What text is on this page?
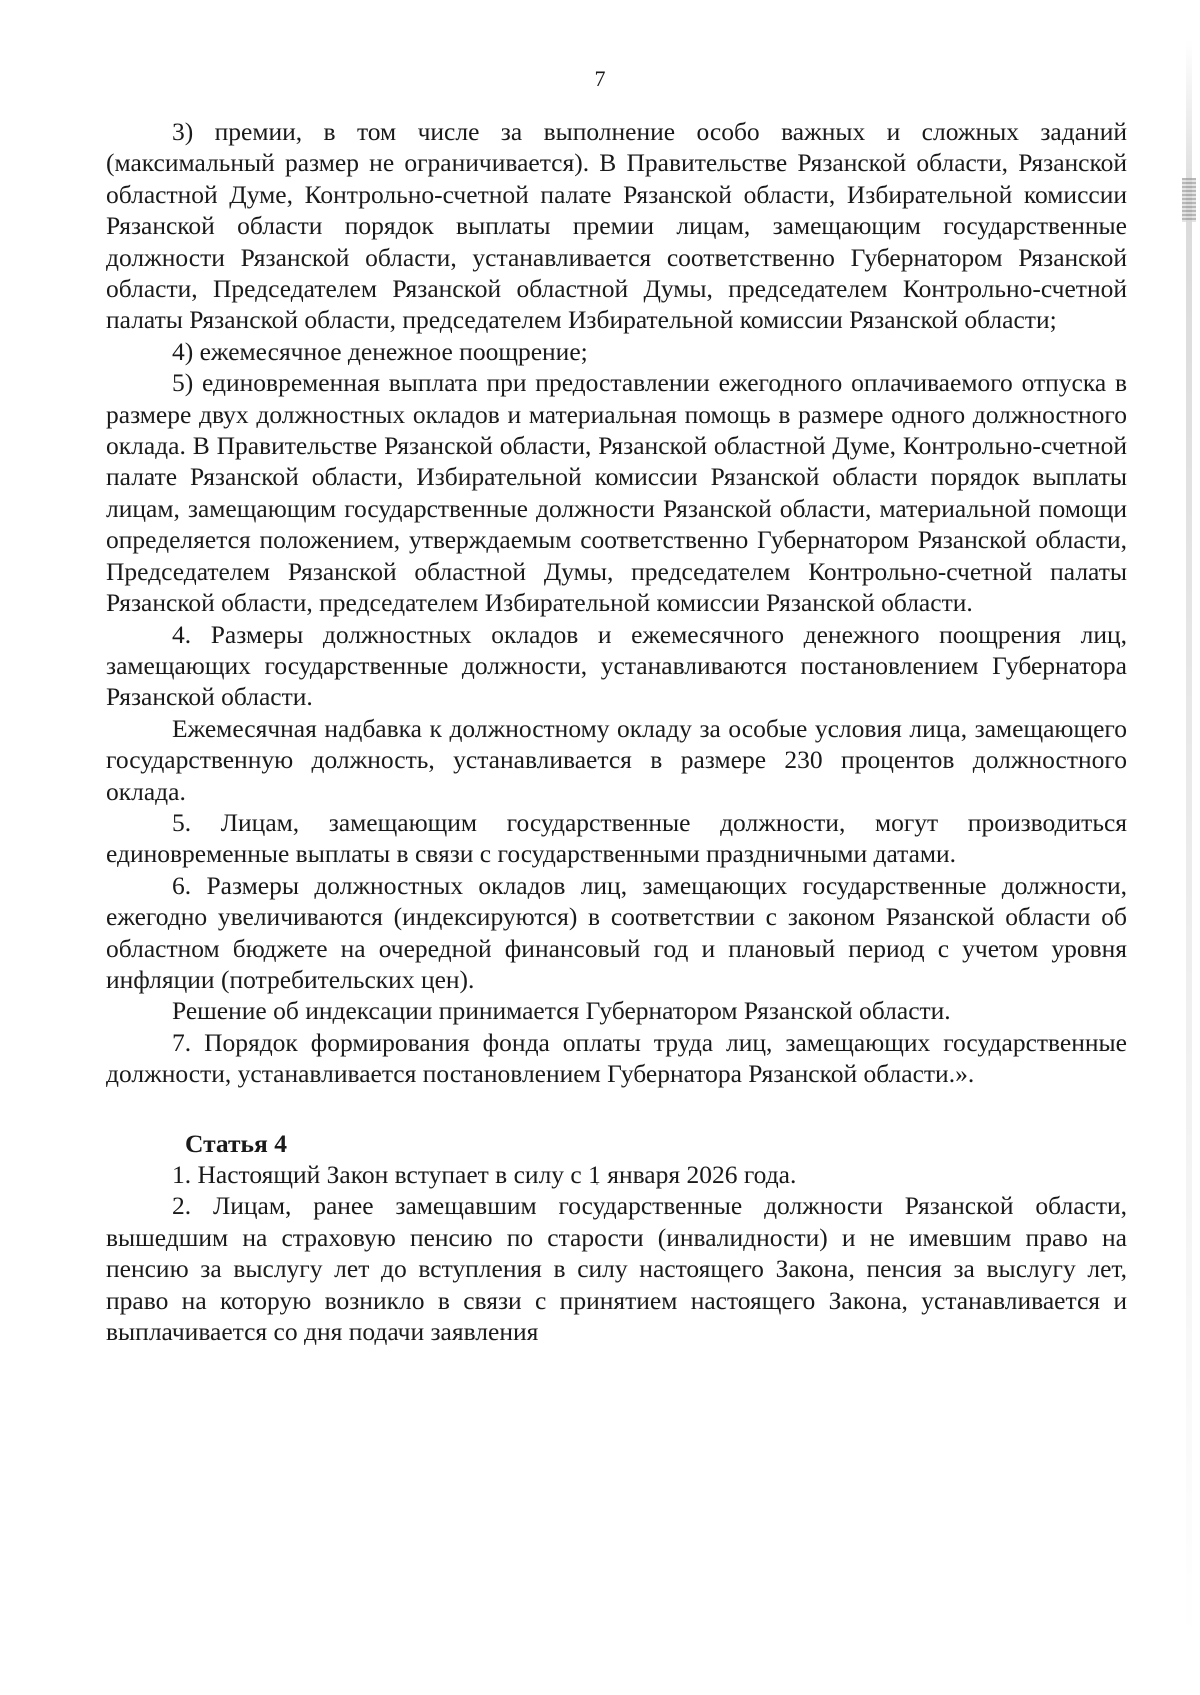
7

3) премии, в том числе за выполнение особо важных и сложных заданий (максимальный размер не ограничивается). В Правительстве Рязанской области, Рязанской областной Думе, Контрольно-счетной палате Рязанской области, Избирательной комиссии Рязанской области порядок выплаты премии лицам, замещающим государственные должности Рязанской области, устанавливается соответственно Губернатором Рязанской области, Председателем Рязанской областной Думы, председателем Контрольно-счетной палаты Рязанской области, председателем Избирательной комиссии Рязанской области;

4) ежемесячное денежное поощрение;

5) единовременная выплата при предоставлении ежегодного оплачиваемого отпуска в размере двух должностных окладов и материальная помощь в размере одного должностного оклада. В Правительстве Рязанской области, Рязанской областной Думе, Контрольно-счетной палате Рязанской области, Избирательной комиссии Рязанской области порядок выплаты лицам, замещающим государственные должности Рязанской области, материальной помощи определяется положением, утверждаемым соответственно Губернатором Рязанской области, Председателем Рязанской областной Думы, председателем Контрольно-счетной палаты Рязанской области, председателем Избирательной комиссии Рязанской области.

4. Размеры должностных окладов и ежемесячного денежного поощрения лиц, замещающих государственные должности, устанавливаются постановлением Губернатора Рязанской области.

Ежемесячная надбавка к должностному окладу за особые условия лица, замещающего государственную должность, устанавливается в размере 230 процентов должностного оклада.

5. Лицам, замещающим государственные должности, могут производиться единовременные выплаты в связи с государственными праздничными датами.

6. Размеры должностных окладов лиц, замещающих государственные должности, ежегодно увеличиваются (индексируются) в соответствии с законом Рязанской области об областном бюджете на очередной финансовый год и плановый период с учетом уровня инфляции (потребительских цен).

Решение об индексации принимается Губернатором Рязанской области.

7. Порядок формирования фонда оплаты труда лиц, замещающих государственные должности, устанавливается постановлением Губернатора Рязанской области.».

Статья 4

1. Настоящий Закон вступает в силу с 1 января 2026 года.

2. Лицам, ранее замещавшим государственные должности Рязанской области, вышедшим на страховую пенсию по старости (инвалидности) и не имевшим право на пенсию за выслугу лет до вступления в силу настоящего Закона, пенсия за выслугу лет, право на которую возникло в связи с принятием настоящего Закона, устанавливается и выплачивается со дня подачи заявления
